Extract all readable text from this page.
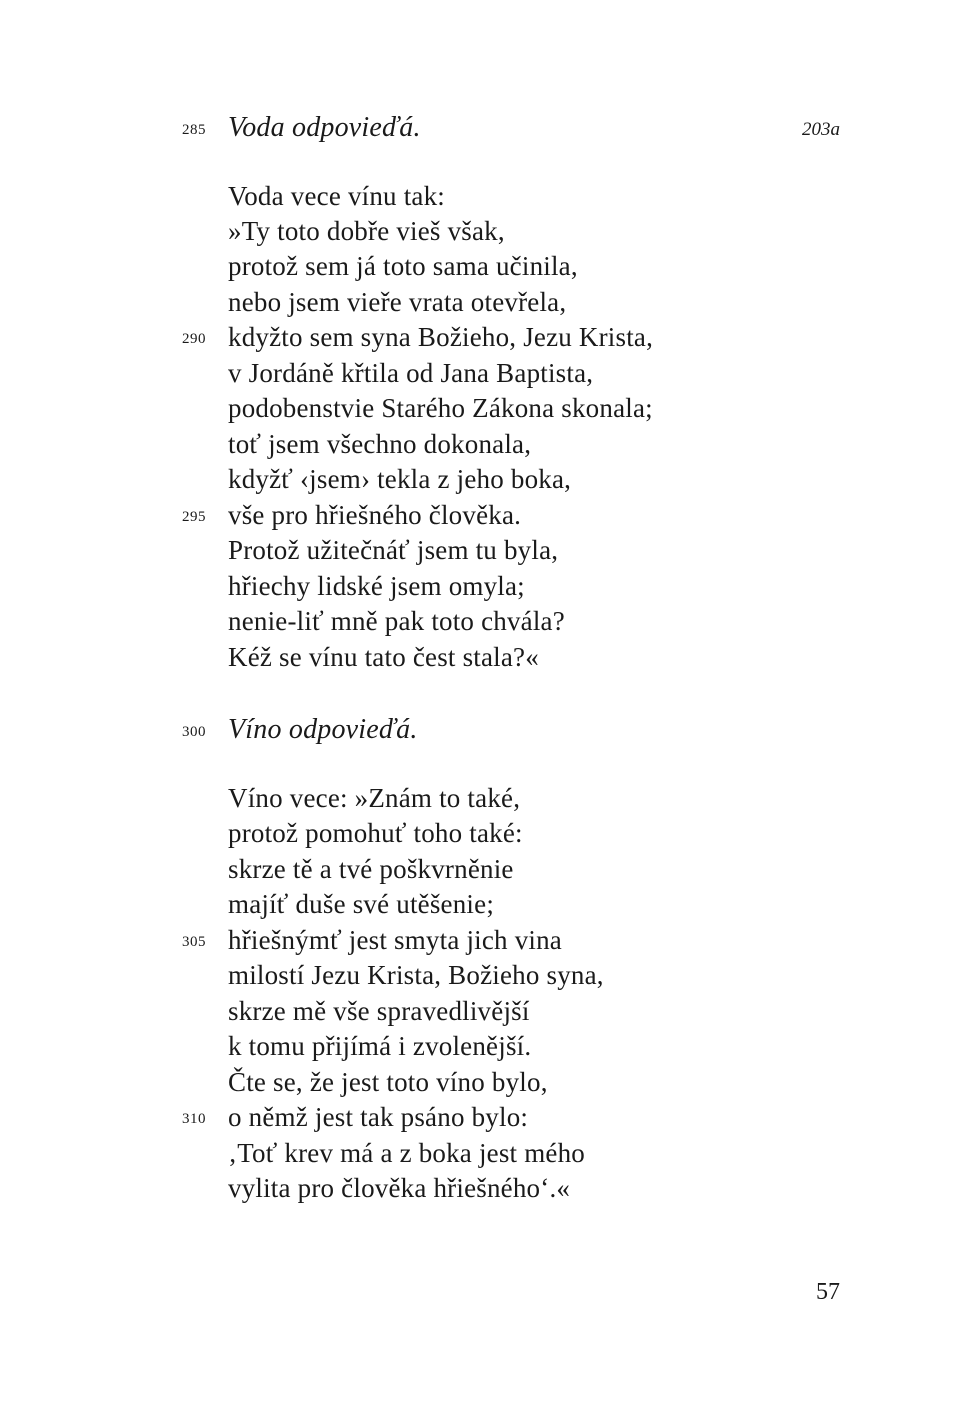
285 Voda odpovieďá.	203a
Voda vece vínu tak:
»Ty toto dobře vieš však,
protož sem já toto sama učinila,
nebo jsem vieře vrata otevřela,
290 kdyžto sem syna Božieho, Jezu Krista,
v Jordáně křtila od Jana Baptista,
podobenstvie Starého Zákona skonala;
toť jsem všechno dokonala,
kdyžť ‹jsem› tekla z jeho boka,
295 vše pro hřiešného člověka.
Protož užitečnáť jsem tu byla,
hřiechy lidské jsem omyla;
nenie-liť mně pak toto chvála?
Kéž se vínu tato čest stala?«
300 Víno odpovieďá.
Víno vece: »Znám to také,
protož pomohuť toho také:
skrze tě a tvé poškvrněnie
majíť duše své utěšenie;
305 hřiešnýmť jest smyta jich vina
milostí Jezu Krista, Božieho syna,
skrze mě vše spravedlivější
k tomu přijímá i zvolenější.
Čte se, že jest toto víno bylo,
310 o němž jest tak psáno bylo:
‚Toť krev má a z boka jest mého
vylita pro člověka hřiešného‘.«
57
